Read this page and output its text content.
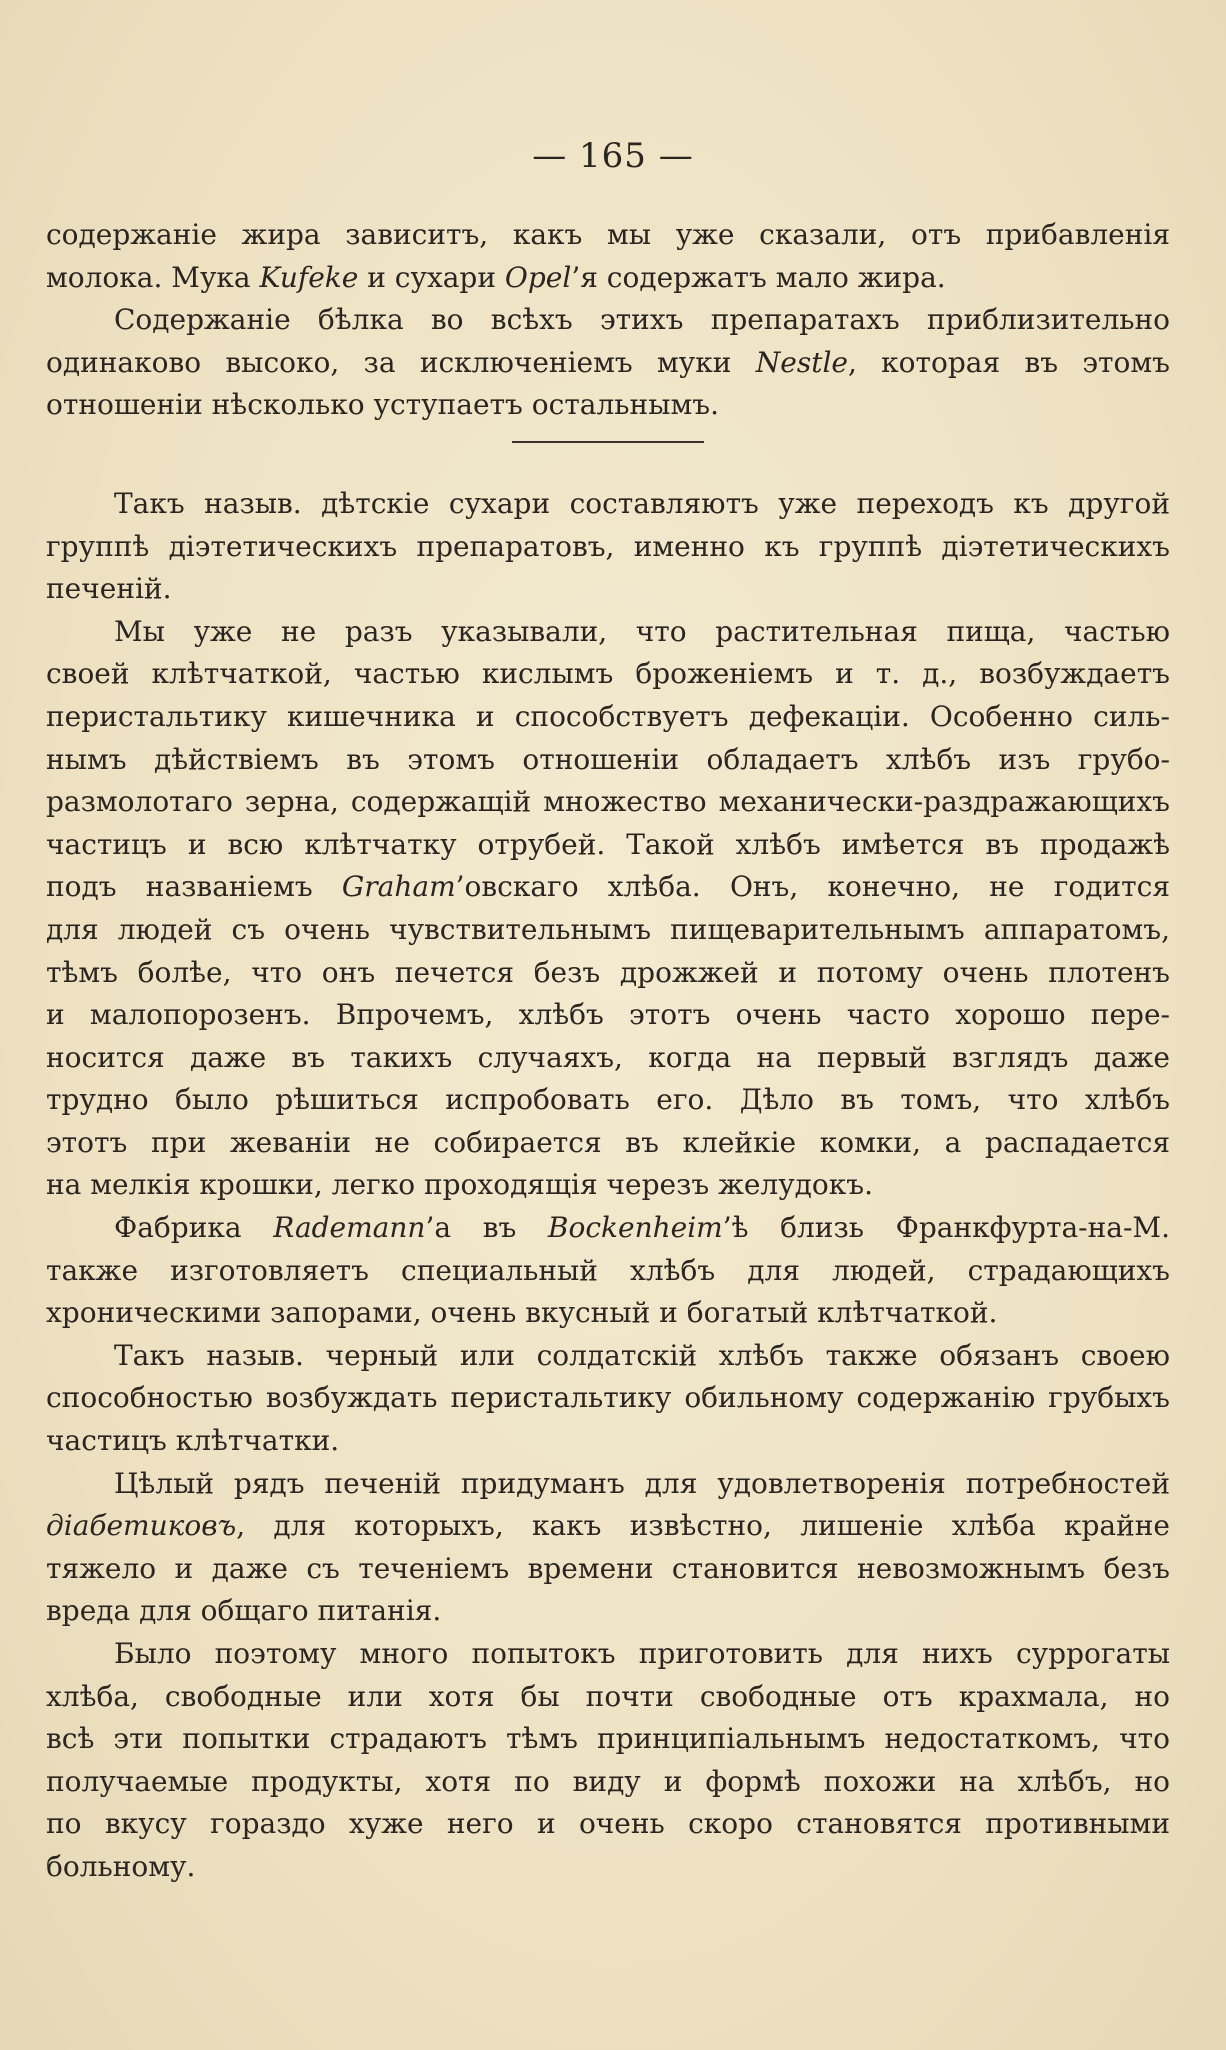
— 165 —
содержаніе жира зависитъ, какъ мы уже сказали, отъ прибавленія
молока. Мука Kufeke и сухари Opel’я содержатъ мало жира.
Содержаніе бѣлка во всѣхъ этихъ препаратахъ приблизительно
одинаково высоко, за исключеніемъ муки Nestle, которая въ этомъ
отношеніи нѣсколько уступаетъ остальнымъ.
Такъ назыв. дѣтскіе сухари составляютъ уже переходъ къ другой
группѣ діэтетическихъ препаратовъ, именно къ группѣ діэтетическихъ
печеній.
Мы уже не разъ указывали, что растительная пища, частью
своей клѣтчаткой, частью кислымъ броженіемъ и т. д., возбуждаетъ
перистальтику кишечника и способствуетъ дефекаціи. Особенно силь-
нымъ дѣйствіемъ въ этомъ отношеніи обладаетъ хлѣбъ изъ грубо-
размолотаго зерна, содержащій множество механически-раздражающихъ
частицъ и всю клѣтчатку отрубей. Такой хлѣбъ имѣется въ продажѣ
подъ названіемъ Graham’овскаго хлѣба. Онъ, конечно, не годится
для людей съ очень чувствительнымъ пищеварительнымъ аппаратомъ,
тѣмъ болѣе, что онъ печется безъ дрожжей и потому очень плотенъ
и малопорозенъ. Впрочемъ, хлѣбъ этотъ очень часто хорошо пере-
носится даже въ такихъ случаяхъ, когда на первый взглядъ даже
трудно было рѣшиться испробовать его. Дѣло въ томъ, что хлѣбъ
этотъ при жеваніи не собирается въ клейкіе комки, а распадается
на мелкія крошки, легко проходящія черезъ желудокъ.
Фабрика Rademann’a въ Bockenheim’ѣ близь Франкфурта-на-М.
также изготовляетъ специальный хлѣбъ для людей, страдающихъ
хроническими запорами, очень вкусный и богатый клѣтчаткой.
Такъ назыв. черный или солдатскій хлѣбъ также обязанъ своею
способностью возбуждать перистальтику обильному содержанію грубыхъ
частицъ клѣтчатки.
Цѣлый рядъ печеній придуманъ для удовлетворенія потребностей
діабетиковъ, для которыхъ, какъ извѣстно, лишеніе хлѣба крайне
тяжело и даже съ теченіемъ времени становится невозможнымъ безъ
вреда для общаго питанія.
Было поэтому много попытокъ приготовить для нихъ суррогаты
хлѣба, свободные или хотя бы почти свободные отъ крахмала, но
всѣ эти попытки страдаютъ тѣмъ принципіальнымъ недостаткомъ, что
получаемые продукты, хотя по виду и формѣ похожи на хлѣбъ, но
по вкусу гораздо хуже него и очень скоро становятся противными
больному.
